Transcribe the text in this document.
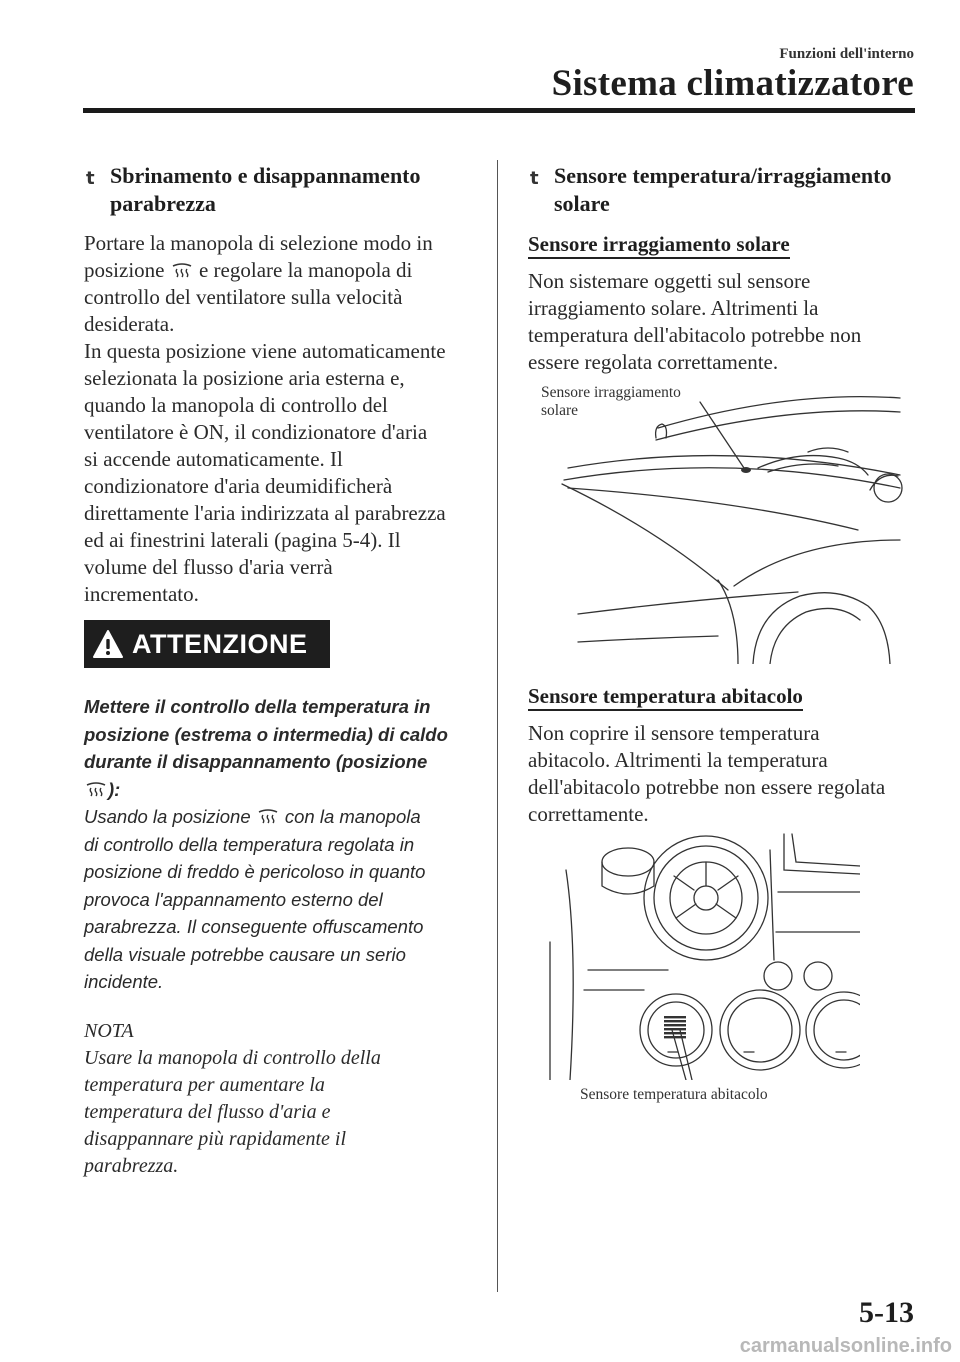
Funzioni dell'interno
Sistema climatizzatore
t Sbrinamento e disappannamento
parabrezza
Portare la manopola di selezione modo in
posizione e regolare la manopola di
controllo del ventilatore sulla velocità
desiderata.
In questa posizione viene automaticamente
selezionata la posizione aria esterna e,
quando la manopola di controllo del
ventilatore è ON, il condizionatore d'aria
si accende automaticamente. Il
condizionatore d'aria deumidificherà
direttamente l'aria indirizzata al parabrezza
ed ai finestrini laterali (pagina 5-4). Il
volume del flusso d'aria verrà
incrementato.
ATTENZIONE
Mettere il controllo della temperatura in
posizione (estrema o intermedia) di caldo
durante il disappannamento (posizione
):
Usando la posizione con la manopola
di controllo della temperatura regolata in
posizione di freddo è pericoloso in quanto
provoca l'appannamento esterno del
parabrezza. Il conseguente offuscamento
della visuale potrebbe causare un serio
incidente.
NOTA
Usare la manopola di controllo della
temperatura per aumentare la
temperatura del flusso d'aria e
disappannare più rapidamente il
parabrezza.
t Sensore temperatura/irraggiamento
solare
Sensore irraggiamento solare
Non sistemare oggetti sul sensore
irraggiamento solare. Altrimenti la
temperatura dell'abitacolo potrebbe non
essere regolata correttamente.
Sensore irraggiamento
solare
Sensore temperatura abitacolo
Non coprire il sensore temperatura
abitacolo. Altrimenti la temperatura
dell'abitacolo potrebbe non essere regolata
correttamente.
Sensore temperatura abitacolo
5-13
carmanualsonline.info
